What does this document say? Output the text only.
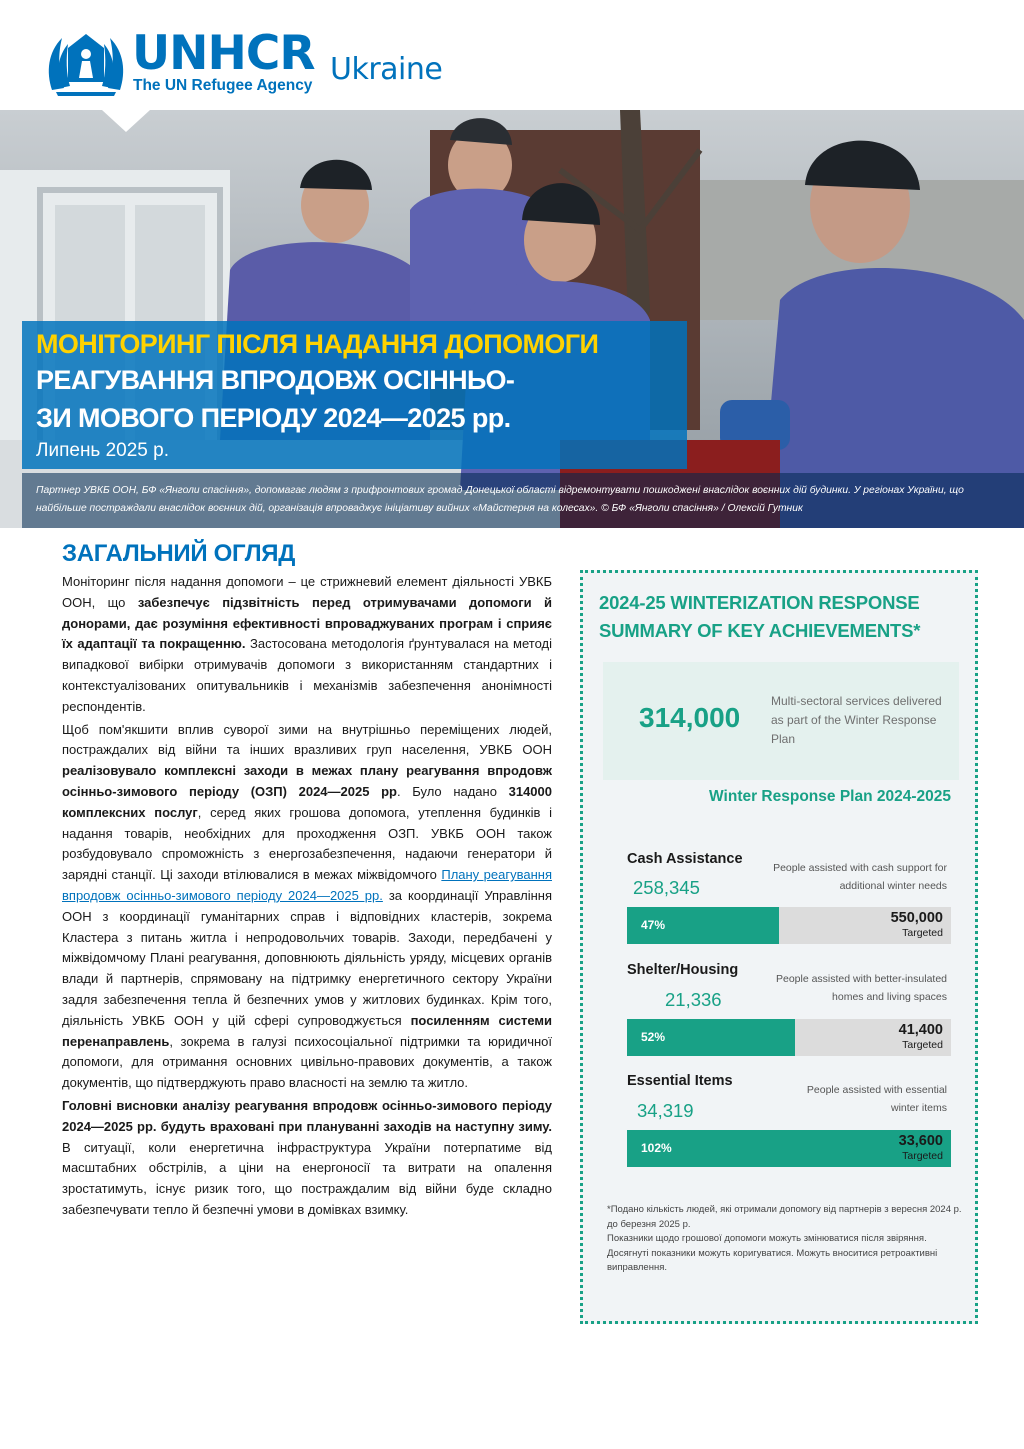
UNHCR
The UN Refugee Agency Ukraine
МОНІТОРИНГ ПІСЛЯ НАДАННЯ ДОПОМОГИ
РЕАГУВАННЯ ВПРОДОВЖ ОСІННЬО-
ЗИ МОВОГО ПЕРІОДУ 2024—2025 рр.
Липень 2025 р.
Партнер УВКБ ООН, БФ «Янголи спасіння», допомагає людям з прифронтових громад Донецької області відремонтувати пошкоджені внаслідок воєнних дій будинки. У регіонах України, що найбільше постраждали внаслідок воєнних дій, організація впроваджує ініціативу вийних «Майстерня на колесах». © БФ «Янголи спасіння» / Олексій Гутник
ЗАГАЛЬНИЙ ОГЛЯД

Моніторинг після надання допомоги – це стрижневий елемент діяльності УВКБ ООН, що забезпечує підзвітність перед отримувачами допомоги й донорами, дає розуміння ефективності впроваджуваних програм і сприяє їх адаптації та покращенню. Застосована методологія ґрунтувалася на методі випадкової вибірки отримувачів допомоги з використанням стандартних і контекстуалізованих опитувальників і механізмів забезпечення анонімності респондентів.

Щоб пом'якшити вплив суворої зими на внутрішньо переміщених людей, постраждалих від війни та інших вразливих груп населення, УВКБ ООН реалізовувало комплексні заходи в межах плану реагування впродовж осінньо-зимового періоду (ОЗП) 2024—2025 рр. Було надано 314000 комплексних послуг, серед яких грошова допомога, утеплення будинків і надання товарів, необхідних для проходження ОЗП. УВКБ ООН також розбудовувало спроможність з енергозабезпечення, надаючи генератори й зарядні станції. Ці заходи втілювалися в межах міжвідомчого Плану реагування впродовж осінньо-зимового періоду 2024—2025 рр. за координації Управління ООН з координації гуманітарних справ і відповідних кластерів, зокрема Кластера з питань житла і непродовольчих товарів. Заходи, передбачені у міжвідомчому Плані реагування, доповнюють діяльність уряду, місцевих органів влади й партнерів, спрямовану на підтримку енергетичного сектору України задля забезпечення тепла й безпечних умов у житлових будинках. Крім того, діяльність УВКБ ООН у цій сфері супроводжується посиленням системи перенаправлень, зокрема в галузі психосоціальної підтримки та юридичної допомоги, для отримання основних цивільно-правових документів, а також документів, що підтверджують право власності на землю та житло.

Головні висновки аналізу реагування впродовж осінньо-зимового періоду 2024—2025 рр. будуть враховані при плануванні заходів на наступну зиму. В ситуації, коли енергетична інфраструктура України потерпатиме від масштабних обстрілів, а ціни на енергоносії та витрати на опалення зростатимуть, існує ризик того, що постраждалим від війни буде складно забезпечувати тепло й безпечні умови в домівках взимку.

2024-25 WINTERIZATION RESPONSE SUMMARY OF KEY ACHIEVEMENTS*
314,000
Multi-sectoral services delivered as part of the Winter Response Plan
Winter Response Plan 2024-2025
Cash Assistance
258,345
People assisted with cash support for additional winter needs
47%	550,000
Targeted
Shelter/Housing
21,336
People assisted with better-insulated homes and living spaces
52%	41,400
Targeted
Essential Items
34,319
People assisted with essential winter items
102%	33,600
Targeted
*Подано кількість людей, які отримали допомогу від партнерів з вересня 2024 р. до березня 2025 р.
Показники щодо грошової допомоги можуть змінюватися після звіряння.
Досягнуті показники можуть коригуватися. Можуть вноситися ретроактивні виправлення.
